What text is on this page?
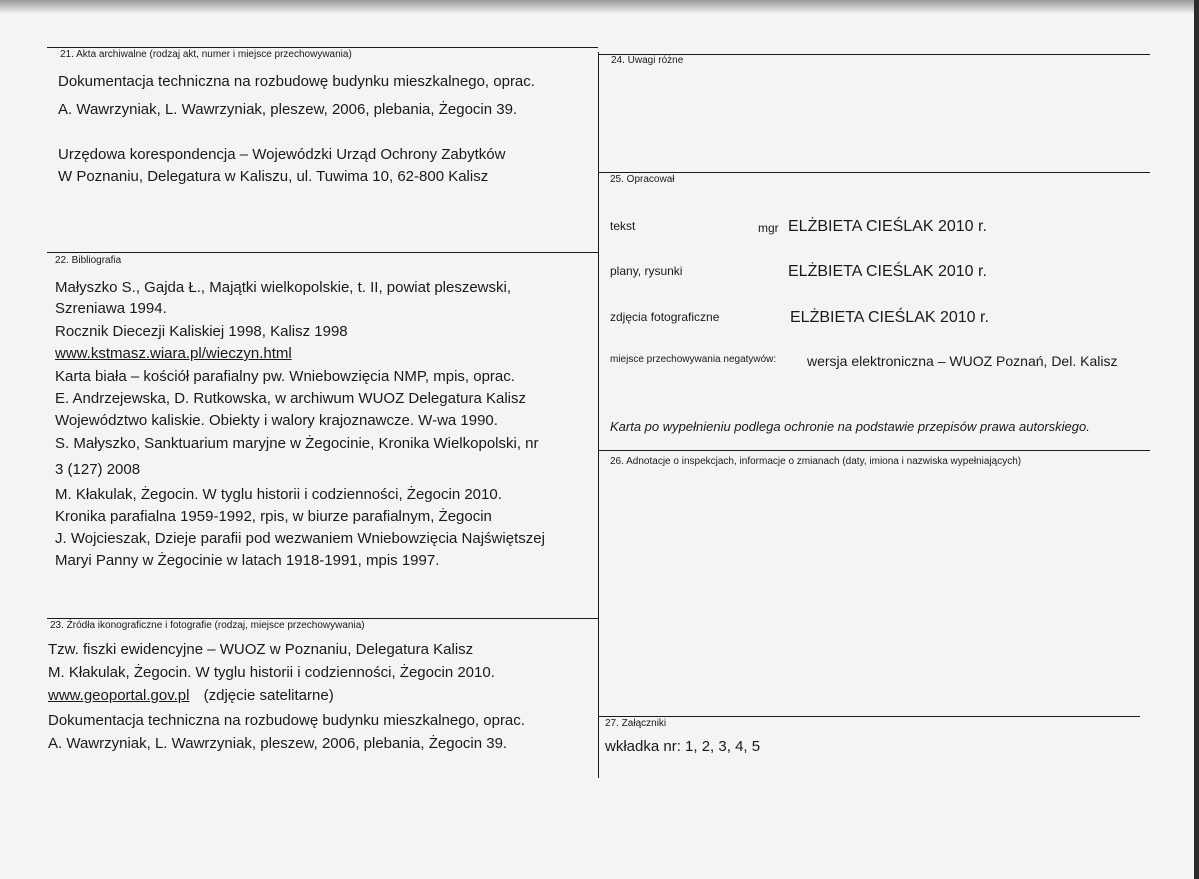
21. Akta archiwalne (rodzaj akt, numer i miejsce przechowywania)
Dokumentacja techniczna na rozbudowę budynku mieszkalnego, oprac.
A. Wawrzyniak, L. Wawrzyniak, pleszew, 2006, plebania, Żegocin 39.
Urzędowa korespondencja – Wojewódzki Urząd Ochrony Zabytków
W Poznaniu, Delegatura w Kaliszu, ul. Tuwima 10, 62-800 Kalisz
22. Bibliografia
Małyszko S., Gajda Ł., Majątki wielkopolskie, t. II, powiat pleszewski,
Szreniawa 1994.
Rocznik Diecezji Kaliskiej 1998, Kalisz 1998
www.kstmasz.wiara.pl/wieczyn.html
Karta biała – kościół parafialny pw. Wniebowzięcia NMP, mpis, oprac.
E. Andrzejewska, D. Rutkowska, w archiwum WUOZ Delegatura Kalisz
Województwo kaliskie. Obiekty i walory krajoznawcze. W-wa 1990.
S. Małyszko, Sanktuarium maryjne w Żegocinie, Kronika Wielkopolski, nr
3 (127) 2008
M. Kłakulak, Żegocin. W tyglu historii i codzienności, Żegocin 2010.
Kronika parafialna 1959-1992, rpis, w biurze parafialnym, Żegocin
J. Wojcieszak, Dzieje parafii pod wezwaniem Wniebowzięcia Najświętszej
Maryi Panny w Żegocinie w latach 1918-1991, mpis 1997.
23. Źródła ikonograficzne i fotografie (rodzaj, miejsce przechowywania)
Tzw. fiszki ewidencyjne – WUOZ w Poznaniu, Delegatura Kalisz
M. Kłakulak, Żegocin. W tyglu historii i codzienności, Żegocin 2010.
www.geoportal.gov.pl (zdjęcie satelitarne)
Dokumentacja techniczna na rozbudowę budynku mieszkalnego, oprac.
A. Wawrzyniak, L. Wawrzyniak, pleszew, 2006, plebania, Żegocin 39.
24. Uwagi różne
25. Opracował
tekst	mgr ELŻBIETA CIEŚLAK 2010 r.
plany, rysunki	ELŻBIETA CIEŚLAK 2010 r.
zdjęcia fotograficzne	ELŻBIETA CIEŚLAK 2010 r.
miejsce przechowywania negatywów: wersja elektroniczna – WUOZ Poznań, Del. Kalisz
Karta po wypełnieniu podlega ochronie na podstawie przepisów prawa autorskiego.
26. Adnotacje o inspekcjach, informacje o zmianach (daty, imiona i nazwiska wypełniających)
27. Załączniki
wkładka nr: 1, 2, 3, 4, 5
